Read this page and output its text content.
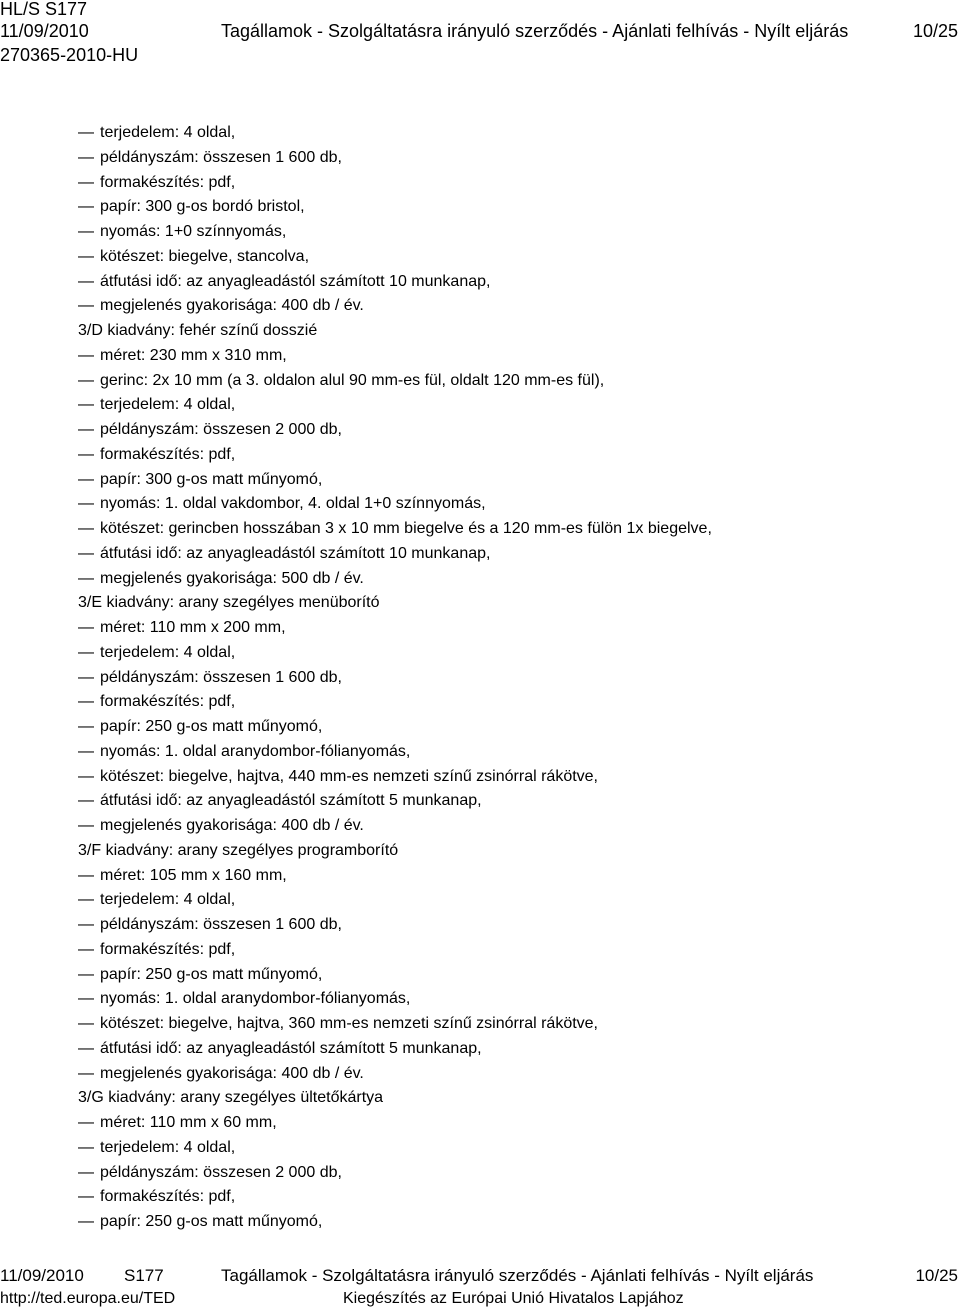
HL/S S177
11/09/2010	Tagállamok - Szolgáltatásra irányuló szerződés - Ajánlati felhívás - Nyílt eljárás	10/25
270365-2010-HU
— terjedelem: 4 oldal,
— példányszám: összesen 1 600 db,
— formakészítés: pdf,
— papír: 300 g-os bordó bristol,
— nyomás: 1+0 színnyomás,
— kötészet: biegelve, stancolva,
— átfutási idő: az anyagleadástól számított 10 munkanap,
— megjelenés gyakorisága: 400 db / év.
3/D kiadvány: fehér színű dosszié
— méret: 230 mm x 310 mm,
— gerinc: 2x 10 mm (a 3. oldalon alul 90 mm-es fül, oldalt 120 mm-es fül),
— terjedelem: 4 oldal,
— példányszám: összesen 2 000 db,
— formakészítés: pdf,
— papír: 300 g-os matt műnyomó,
— nyomás: 1. oldal vakdombor, 4. oldal 1+0 színnyomás,
— kötészet: gerincben hosszában 3 x 10 mm biegelve és a 120 mm-es fülön 1x biegelve,
— átfutási idő: az anyagleadástól számított 10 munkanap,
— megjelenés gyakorisága: 500 db / év.
3/E kiadvány: arany szegélyes menüborító
— méret: 110 mm x 200 mm,
— terjedelem: 4 oldal,
— példányszám: összesen 1 600 db,
— formakészítés: pdf,
— papír: 250 g-os matt műnyomó,
— nyomás: 1. oldal aranydombor-fólianyomás,
— kötészet: biegelve, hajtva, 440 mm-es nemzeti színű zsinórral rákötve,
— átfutási idő: az anyagleadástól számított 5 munkanap,
— megjelenés gyakorisága: 400 db / év.
3/F kiadvány: arany szegélyes programborító
— méret: 105 mm x 160 mm,
— terjedelem: 4 oldal,
— példányszám: összesen 1 600 db,
— formakészítés: pdf,
— papír: 250 g-os matt műnyomó,
— nyomás: 1. oldal aranydombor-fólianyomás,
— kötészet: biegelve, hajtva, 360 mm-es nemzeti színű zsinórral rákötve,
— átfutási idő: az anyagleadástól számított 5 munkanap,
— megjelenés gyakorisága: 400 db / év.
3/G kiadvány: arany szegélyes ültetőkártya
— méret: 110 mm x 60 mm,
— terjedelem: 4 oldal,
— példányszám: összesen 2 000 db,
— formakészítés: pdf,
— papír: 250 g-os matt műnyomó,
11/09/2010 S177	Tagállamok - Szolgáltatásra irányuló szerződés - Ajánlati felhívás - Nyílt eljárás	10/25
http://ted.europa.eu/TED	Kiegészítés az Európai Unió Hivatalos Lapjához
